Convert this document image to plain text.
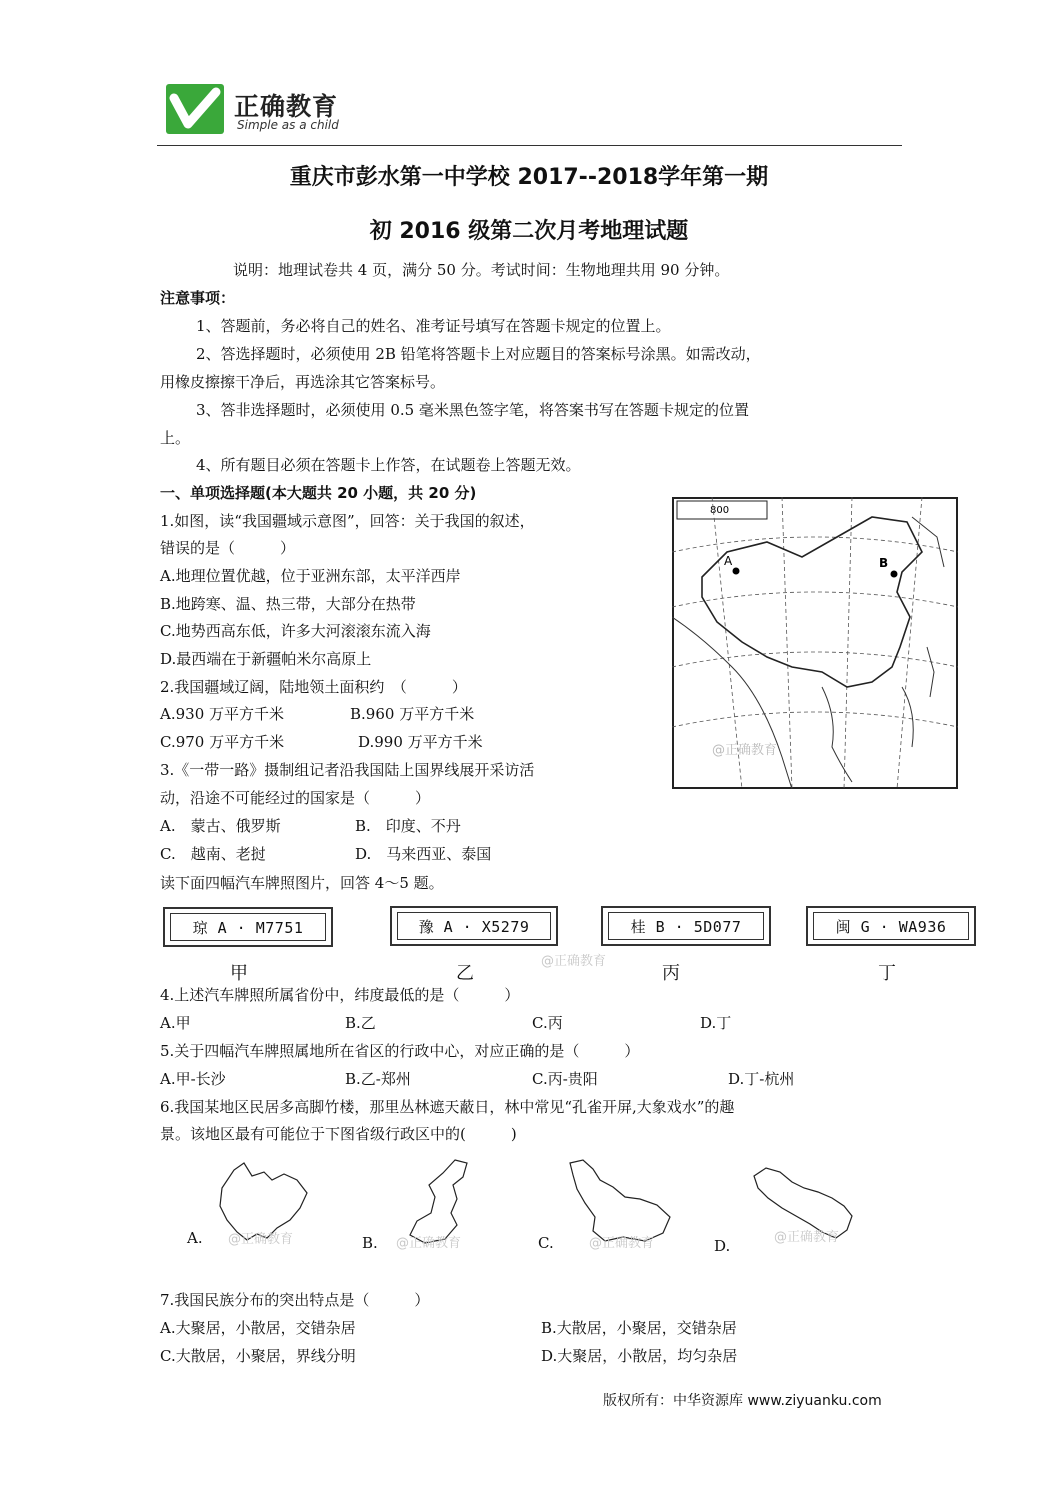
正确教育
Simple as a child
重庆市彭水第一中学校 2017--2018学年第一期
初 2016 级第二次月考地理试题
说明：地理试卷共 4 页，满分 50 分。考试时间：生物地理共用 90 分钟。
注意事项：
1、答题前，务必将自己的姓名、准考证号填写在答题卡规定的位置上。
2、答选择题时，必须使用 2B 铅笔将答题卡上对应题目的答案标号涂黑。如需改动，
用橡皮擦擦干净后，再选涂其它答案标号。
3、答非选择题时，必须使用 0.5 毫米黑色签字笔，将答案书写在答题卡规定的位置
上。
4、所有题目必须在答题卡上作答，在试题卷上答题无效。
一、单项选择题(本大题共 20 小题，共 20 分)
1.如图，读“我国疆域示意图”，回答：关于我国的叙述，
错误的是（　　　）
A.地理位置优越，位于亚洲东部，太平洋西岸
B.地跨寒、温、热三带，大部分在热带
C.地势西高东低，许多大河滚滚东流入海
D.最西端在于新疆帕米尔高原上
2.我国疆域辽阔，陆地领土面积约　（　　　）
A.930 万平方千米	B.960 万平方千米
C.970 万平方千米	D.990 万平方千米
3.《一带一路》摄制组记者沿我国陆上国界线展开采访活
动，沿途不可能经过的国家是（　　　）
A.　蒙古、俄罗斯	B.　印度、不丹
C.　越南、老挝	D.　马来西亚、泰国
800
A	B
@正确教育
读下面四幅汽车牌照图片，回答 4～5 题。
琼 A · M7751	豫 A · X5279	桂 B · 5D077	闽 G · WA936
甲	乙	丙	丁
@正确教育
4.上述汽车牌照所属省份中，纬度最低的是（　　　）
A.甲	B.乙	C.丙	D.丁
5.关于四幅汽车牌照属地所在省区的行政中心，对应正确的是（　　　）
A.甲-长沙	B.乙-郑州	C.丙-贵阳	D.丁-杭州
6.我国某地区民居多高脚竹楼，那里丛林遮天蔽日，林中常见“孔雀开屏,大象戏水”的趣
景。该地区最有可能位于下图省级行政区中的(　　　)
A.	B.	C.	D.
@正确教育	@正确教育	@正确教育	@正确教育
7.我国民族分布的突出特点是（　　　）
A.大聚居，小散居，交错杂居	B.大散居，小聚居，交错杂居
C.大散居，小聚居，界线分明	D.大聚居，小散居，均匀杂居
版权所有：中华资源库 www.ziyuanku.com
